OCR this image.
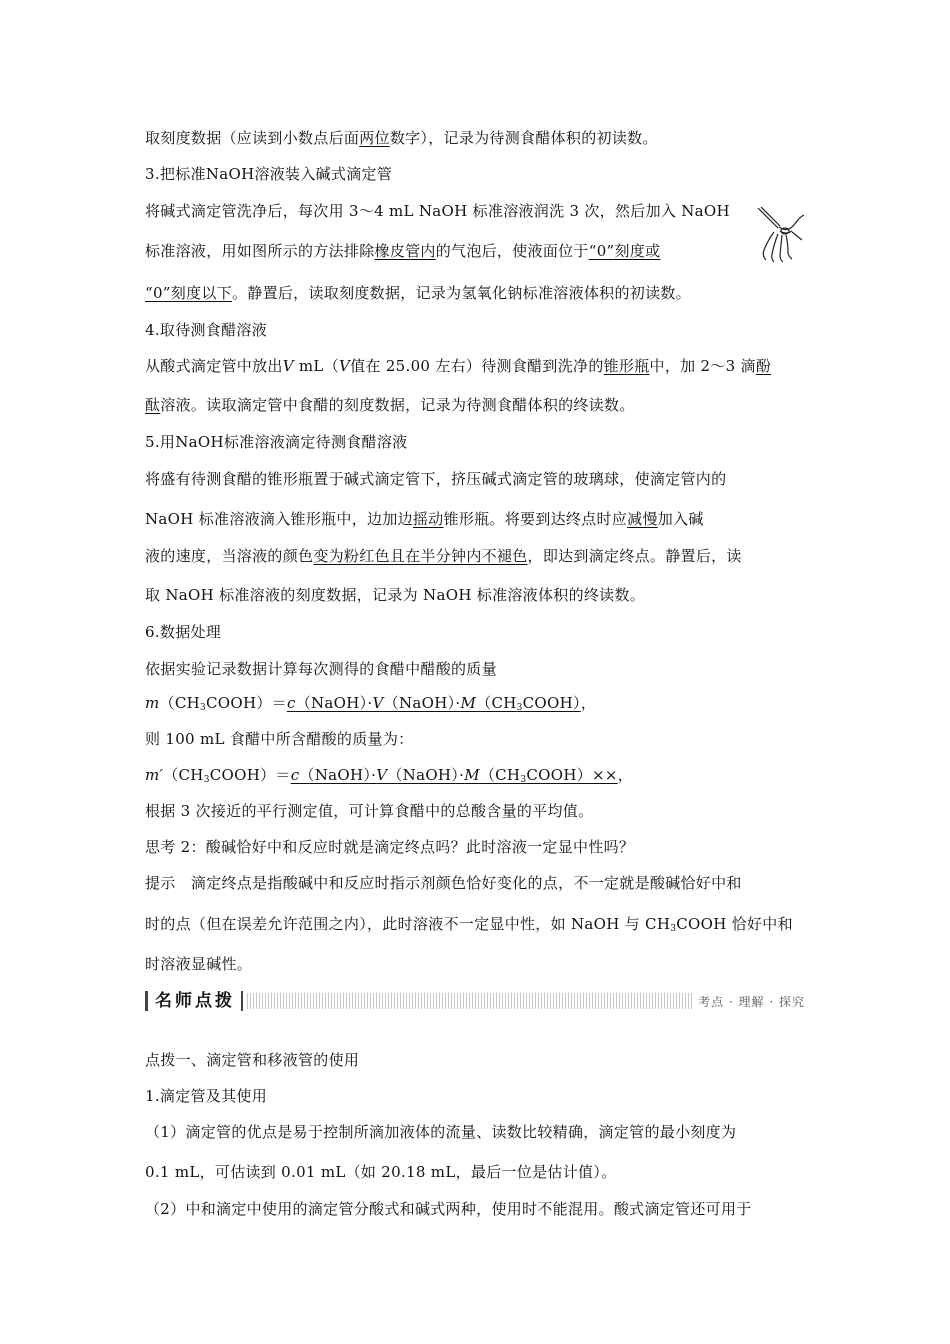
取刻度数据（应读到小数点后面两位数字），记录为待测食醋体积的初读数。
3.把标准NaOH溶液装入碱式滴定管
将碱式滴定管洗净后，每次用 3～4 mL NaOH 标准溶液润洗 3 次，然后加入 NaOH
标准溶液，用如图所示的方法排除橡皮管内的气泡后，使液面位于“0”刻度或
“0”刻度以下。静置后，读取刻度数据，记录为氢氧化钠标准溶液体积的初读数。
4.取待测食醋溶液
从酸式滴定管中放出V mL（V值在 25.00 左右）待测食醋到洗净的锥形瓶中，加 2～3 滴酚
酞溶液。读取滴定管中食醋的刻度数据，记录为待测食醋体积的终读数。
5.用NaOH标准溶液滴定待测食醋溶液
将盛有待测食醋的锥形瓶置于碱式滴定管下，挤压碱式滴定管的玻璃球，使滴定管内的
NaOH 标准溶液滴入锥形瓶中，边加边摇动锥形瓶。将要到达终点时应减慢加入碱
液的速度，当溶液的颜色变为粉红色且在半分钟内不褪色，即达到滴定终点。静置后，读
取 NaOH 标准溶液的刻度数据，记录为 NaOH 标准溶液体积的终读数。
6.数据处理
依据实验记录数据计算每次测得的食醋中醋酸的质量
$m(CH_3COOH)=c(NaOH)\cdot V(NaOH)\cdot M(CH_3COOH)$，
则 100 mL 食醋中所含醋酸的质量为：
$m'(CH_3COOH)=c(NaOH)\cdot V(NaOH)\cdot M(CH_3COOH)\times\times$，
根据 3 次接近的平行测定值，可计算食醋中的总酸含量的平均值。
思考 2：酸碱恰好中和反应时就是滴定终点吗？此时溶液一定显中性吗？
提示　滴定终点是指酸碱中和反应时指示剂颜色恰好变化的点，不一定就是酸碱恰好中和
时的点（但在误差允许范围之内），此时溶液不一定显中性，如 NaOH 与 $CH_3COOH$ 恰好中和
时溶液显碱性。
名师点拨	考点 · 理解 · 探究
点拨一、滴定管和移液管的使用
1.滴定管及其使用
（1）滴定管的优点是易于控制所滴加液体的流量、读数比较精确，滴定管的最小刻度为
0.1 mL，可估读到 0.01 mL（如 20.18 mL，最后一位是估计值）。
（2）中和滴定中使用的滴定管分酸式和碱式两种，使用时不能混用。酸式滴定管还可用于
